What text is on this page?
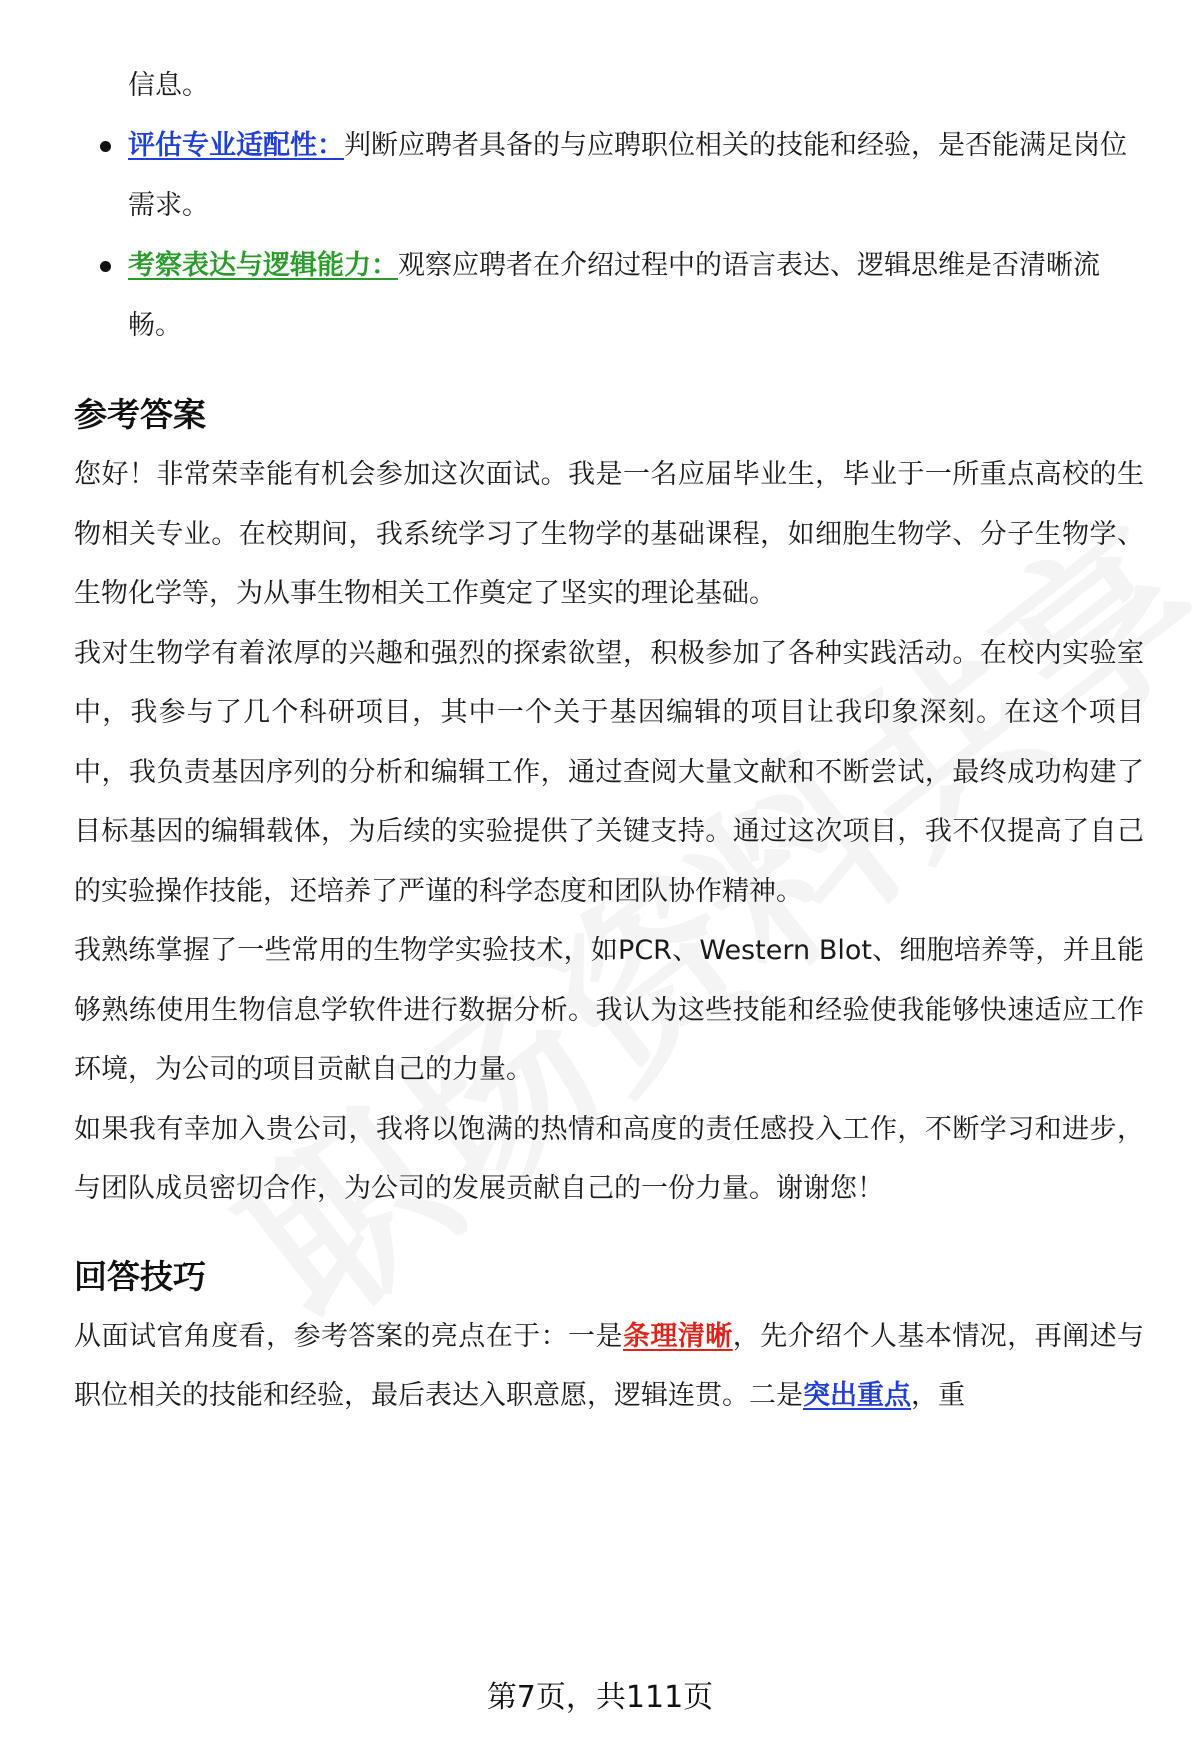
信息。
评估专业适配性：判断应聘者具备的与应聘职位相关的技能和经验，是否能满足岗位需求。
考察表达与逻辑能力：观察应聘者在介绍过程中的语言表达、逻辑思维是否清晰流畅。
参考答案

您好！非常荣幸能有机会参加这次面试。我是一名应届毕业生，毕业于一所重点高校的生物相关专业。在校期间，我系统学习了生物学的基础课程，如细胞生物学、分子生物学、生物化学等，为从事生物相关工作奠定了坚实的理论基础。

我对生物学有着浓厚的兴趣和强烈的探索欲望，积极参加了各种实践活动。在校内实验室中，我参与了几个科研项目，其中一个关于基因编辑的项目让我印象深刻。在这个项目中，我负责基因序列的分析和编辑工作，通过查阅大量文献和不断尝试，最终成功构建了目标基因的编辑载体，为后续的实验提供了关键支持。通过这次项目，我不仅提高了自己的实验操作技能，还培养了严谨的科学态度和团队协作精神。

我熟练掌握了一些常用的生物学实验技术，如PCR、Western Blot、细胞培养等，并且能够熟练使用生物信息学软件进行数据分析。我认为这些技能和经验使我能够快速适应工作环境，为公司的项目贡献自己的力量。

如果我有幸加入贵公司，我将以饱满的热情和高度的责任感投入工作，不断学习和进步，与团队成员密切合作，为公司的发展贡献自己的一份力量。谢谢您！

回答技巧

从面试官角度看，参考答案的亮点在于：一是条理清晰，先介绍个人基本情况，再阐述与职位相关的技能和经验，最后表达入职意愿，逻辑连贯。二是突出重点，重

第7页，共111页
